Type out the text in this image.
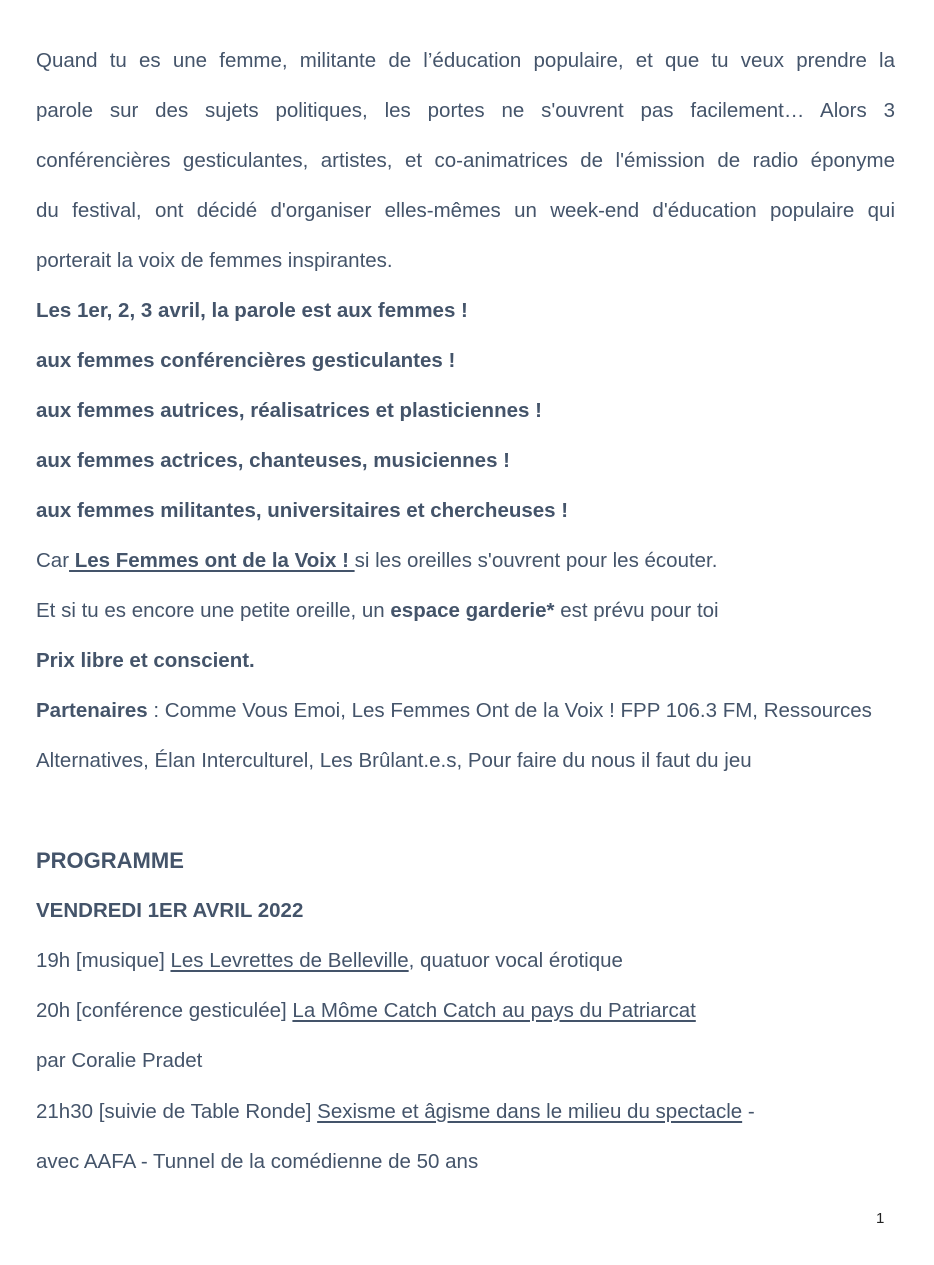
Quand tu es une femme, militante de l’éducation populaire, et que tu veux prendre la
parole sur des sujets politiques, les portes ne s'ouvrent pas facilement… Alors 3
conférencières gesticulantes, artistes, et co-animatrices de l'émission de radio éponyme
du festival, ont décidé d'organiser elles-mêmes un week-end d'éducation populaire qui
porterait la voix de femmes inspirantes.
Les 1er, 2, 3 avril, la parole est aux femmes !
aux femmes conférencières gesticulantes !
aux femmes autrices, réalisatrices et plasticiennes !
aux femmes actrices, chanteuses, musiciennes !
aux femmes militantes, universitaires et chercheuses !
Car Les Femmes ont de la Voix ! si les oreilles s'ouvrent pour les écouter.
Et si tu es encore une petite oreille, un espace garderie* est prévu pour toi
Prix libre et conscient.
Partenaires : Comme Vous Emoi, Les Femmes Ont de la Voix ! FPP 106.3 FM, Ressources
Alternatives, Élan Interculturel, Les Brûlant.e.s, Pour faire du nous il faut du jeu
PROGRAMME
VENDREDI 1ER AVRIL 2022
19h [musique] Les Levrettes de Belleville, quatuor vocal érotique
20h [conférence gesticulée] La Môme Catch Catch au pays du Patriarcat
par Coralie Pradet
21h30 [suivie de Table Ronde] Sexisme et âgisme dans le milieu du spectacle -
avec AAFA - Tunnel de la comédienne de 50 ans
1
